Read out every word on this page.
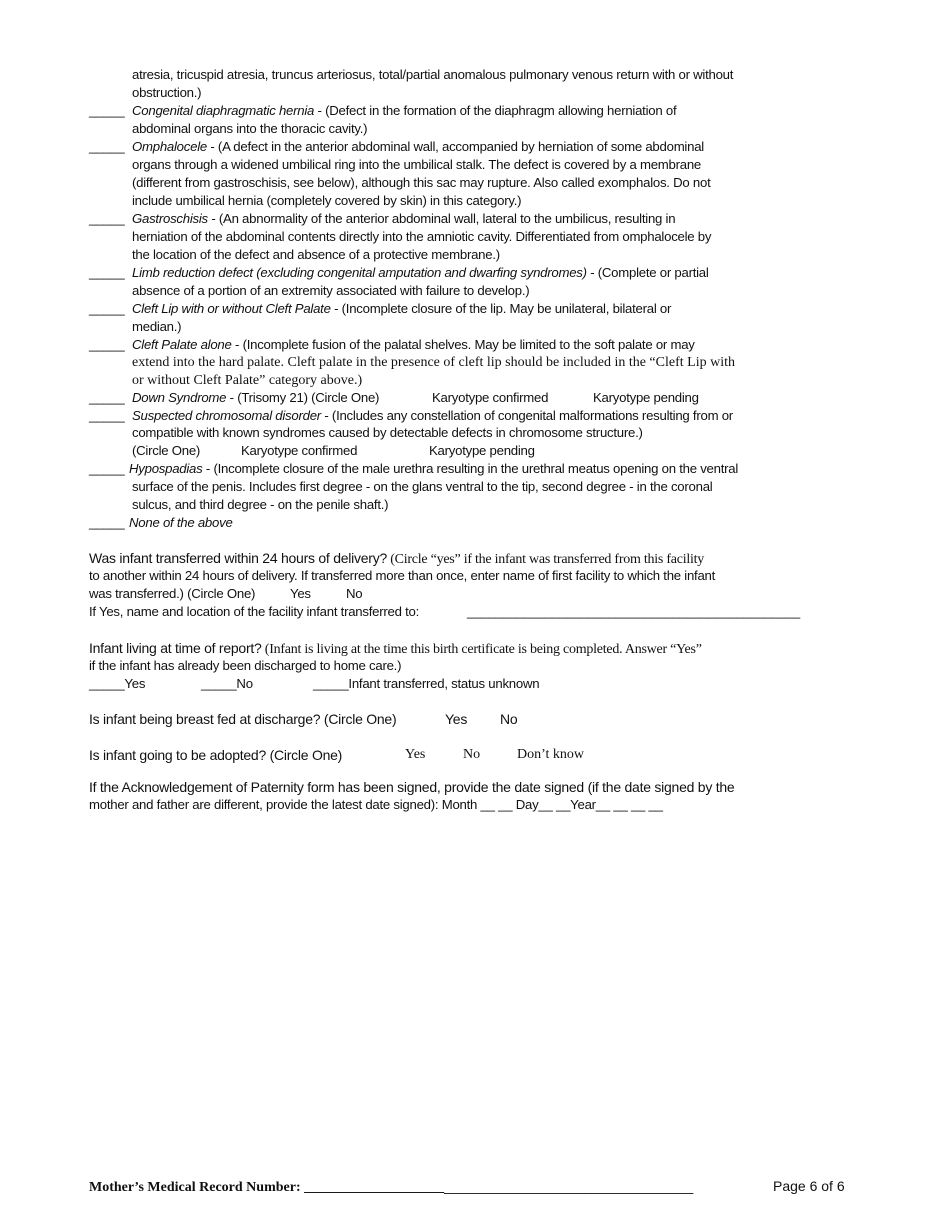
atresia, tricuspid atresia, truncus arteriosus, total/partial anomalous pulmonary venous return with or without
obstruction.)
_____ Congenital diaphragmatic hernia - (Defect in the formation of the diaphragm allowing herniation of
abdominal organs into the thoracic cavity.)
_____ Omphalocele - (A defect in the anterior abdominal wall, accompanied by herniation of some abdominal
organs through a widened umbilical ring into the umbilical stalk. The defect is covered by a membrane
(different from gastroschisis, see below), although this sac may rupture. Also called exomphalos. Do not
include umbilical hernia (completely covered by skin) in this category.)
_____ Gastroschisis - (An abnormality of the anterior abdominal wall, lateral to the umbilicus, resulting in
herniation of the abdominal contents directly into the amniotic cavity. Differentiated from omphalocele by
the location of the defect and absence of a protective membrane.)
_____ Limb reduction defect (excluding congenital amputation and dwarfing syndromes) - (Complete or partial
absence of a portion of an extremity associated with failure to develop.)
_____ Cleft Lip with or without Cleft Palate - (Incomplete closure of the lip. May be unilateral, bilateral or
median.)
_____ Cleft Palate alone - (Incomplete fusion of the palatal shelves. May be limited to the soft palate or may
extend into the hard palate. Cleft palate in the presence of cleft lip should be included in the “Cleft Lip with
or without Cleft Palate” category above.)
_____ Down Syndrome - (Trisomy 21) (Circle One)	Karyotype confirmed	Karyotype pending
_____ Suspected chromosomal disorder - (Includes any constellation of congenital malformations resulting from or
compatible with known syndromes caused by detectable defects in chromosome structure.)
(Circle One)	Karyotype confirmed	Karyotype pending
_____ Hypospadias - (Incomplete closure of the male urethra resulting in the urethral meatus opening on the ventral
surface of the penis. Includes first degree - on the glans ventral to the tip, second degree - in the coronal
sulcus, and third degree - on the penile shaft.)
_____ None of the above
Was infant transferred within 24 hours of delivery? (Circle “yes” if the infant was transferred from this facility
to another within 24 hours of delivery. If transferred more than once, enter name of first facility to which the infant
was transferred.) (Circle One)	Yes	No
If Yes, name and location of the facility infant transferred to:	_______________________________________________
Infant living at time of report? (Infant is living at the time this birth certificate is being completed. Answer “Yes”
if the infant has already been discharged to home care.)
_____Yes	_____No	_____Infant transferred, status unknown
Is infant being breast fed at discharge? (Circle One)	Yes No
Is infant going to be adopted? (Circle One)	Yes	No	Don’t know
If the Acknowledgement of Paternity form has been signed, provide the date signed (if the date signed by the
mother and father are different, provide the latest date signed): Month __ __ Day__ __Year__ __ __ __
Mother’s Medical Record Number: ____________________________________________________	Page 6 of 6
